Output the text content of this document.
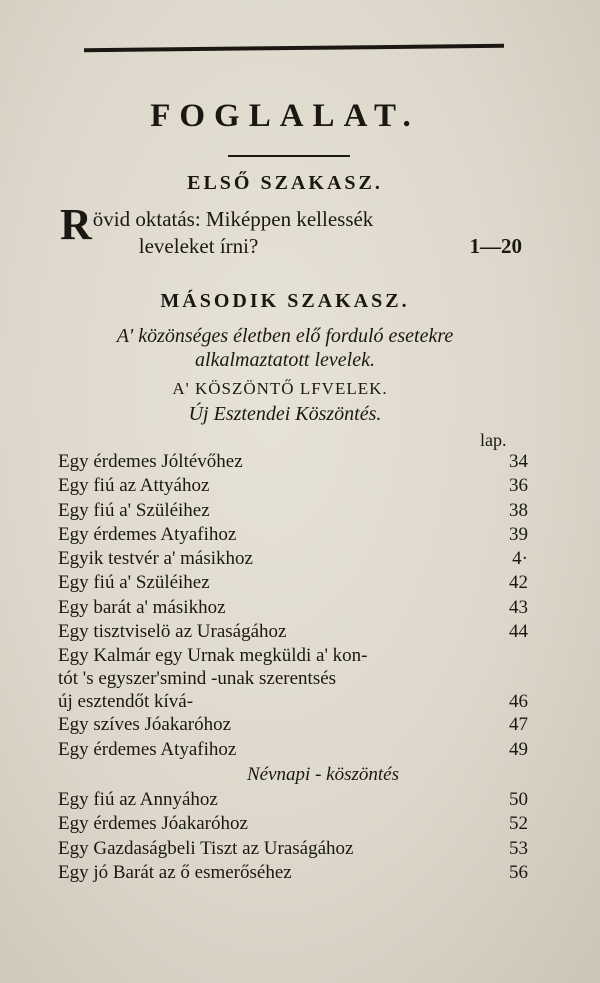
FOGLALAT.
ELSŐ SZAKASZ.
R övid oktatás: Miképpen kellessék
leveleket írni?	1—20
MÁSODIK SZAKASZ.
A' közönséges életben elő forduló esetekre
alkalmaztatott levelek.
A' KÖSZÖNTŐ LFVELEK.
Új Esztendei Köszöntés.
lap.
Egy érdemes Jóltévőhez	34
Egy fiú az Attyához	36
Egy fiú a' Szüléihez	38
Egy érdemes Atyafihoz	39
Egyik testvér a' másikhoz	4·
Egy fiú a' Szüléihez	42
Egy barát a' másikhoz	43
Egy tisztviselö az Uraságához	44
Egy Kalmár egy Urnak megküldi a' kon-
tót 's egyszer'smind -unak szerentsés
új esztendőt kívá-	46
Egy szíves Jóakaróhoz	47
Egy érdemes Atyafihoz	49
Névnapi - köszöntés
Egy fiú az Annyához	50
Egy érdemes Jóakaróhoz	52
Egy Gazdaságbeli Tiszt az Uraságához	53
Egy jó Barát az ő esmerőséhez	56
